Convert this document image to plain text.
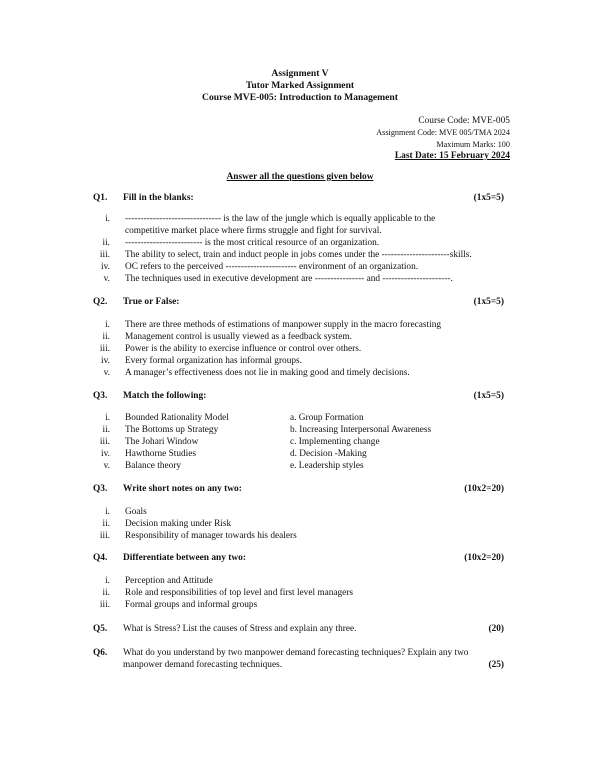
Assignment V
Tutor Marked Assignment
Course MVE-005: Introduction to Management
Course Code: MVE-005
Assignment Code: MVE 005/TMA 2024
Maximum Marks: 100
Last Date: 15 February 2024
Answer all the questions given below
Q1. Fill in the blanks:	(1x5=5)
i. ------------------------------- is the law of the jungle which is equally applicable to the
competitive market place where firms struggle and fight for survival.
ii. ------------------------- is the most critical resource of an organization.
iii. The ability to select, train and induct people in jobs comes under the ----------------------skills.
iv. OC refers to the perceived ----------------------- environment of an organization.
v. The techniques used in executive development are ---------------- and ----------------------.
Q2. True or False:	(1x5=5)
i. There are three methods of estimations of manpower supply in the macro forecasting
ii. Management control is usually viewed as a feedback system.
iii. Power is the ability to exercise influence or control over others.
iv. Every formal organization has informal groups.
v. A manager’s effectiveness does not lie in making good and timely decisions.
Q3. Match the following:	(1x5=5)
i. Bounded Rationality Model	a. Group Formation
ii. The Bottoms up Strategy	b. Increasing Interpersonal Awareness
iii. The Johari Window	c. Implementing change
iv. Hawthorne Studies	d. Decision -Making
v. Balance theory	e. Leadership styles
Q3. Write short notes on any two:	(10x2=20)
i. Goals
ii. Decision making under Risk
iii. Responsibility of manager towards his dealers
Q4. Differentiate between any two:	(10x2=20)
i. Perception and Attitude
ii. Role and responsibilities of top level and first level managers
iii. Formal groups and informal groups
Q5. What is Stress? List the causes of Stress and explain any three.	(20)
Q6. What do you understand by two manpower demand forecasting techniques? Explain any two
manpower demand forecasting techniques.	(25)
